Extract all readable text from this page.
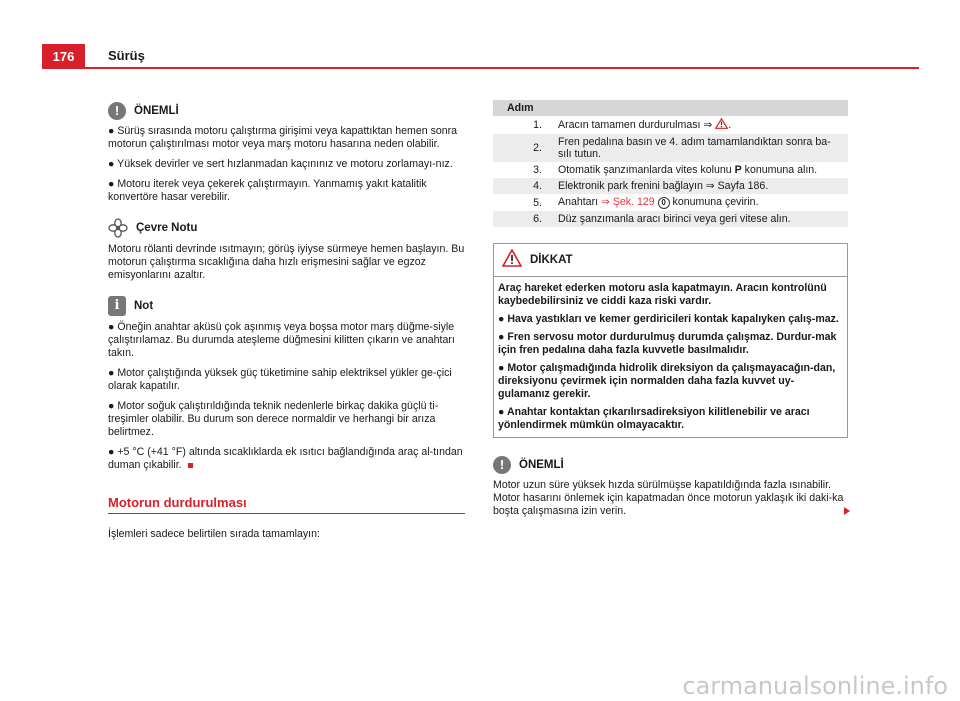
176	Sürüş
!	ÖNEMLİ

● Sürüş sırasında motoru çalıştırma girişimi veya kapattıktan hemen sonra motorun çalıştırılması motor veya marş motoru hasarına neden olabilir.

● Yüksek devirler ve sert hızlanmadan kaçınınız ve motoru zorlamayı-nız.

● Motoru iterek veya çekerek çalıştırmayın. Yanmamış yakıt katalitik konvertöre hasar verebilir.

Çevre Notu

Motoru rölanti devrinde ısıtmayın; görüş iyiyse sürmeye hemen başlayın. Bu motorun çalıştırma sıcaklığına daha hızlı erişmesini sağlar ve egzoz emisyonlarını azaltır.

i	Not

● Öneğin anahtar aküsü çok aşınmış veya boşsa motor marş düğme-siyle çalıştırılamaz. Bu durumda ateşleme düğmesini kilitten çıkarın ve anahtarı takın.

● Motor çalıştığında yüksek güç tüketimine sahip elektriksel yükler ge-çici olarak kapatılır.

● Motor soğuk çalıştırıldığında teknik nedenlerle birkaç dakika güçlü ti-treşimler olabilir. Bu durum son derece normaldir ve herhangi bir arıza belirtmez.

● +5 °C (+41 °F) altında sıcaklıklarda ek ısıtıcı bağlandığında araç al-tından duman çıkabilir.

Motorun durdurulması

İşlemleri sadece belirtilen sırada tamamlayın:

Adım	
1.	Aracın tamamen durdurulması ⇒ .
2.	Fren pedalına basın ve 4. adım tamamlandıktan sonra ba-sılı tutun.
3.	Otomatik şanzımanlarda vites kolunu P konumuna alın.
4.	Elektronik park frenini bağlayın ⇒ Sayfa 186.
5.	Anahtarı ⇒ Şek. 129 0 konumuna çevirin.
6.	Düz şanzımanla aracı birinci veya geri vitese alın.
DİKKAT

Araç hareket ederken motoru asla kapatmayın. Aracın kontrolünü kaybedebilirsiniz ve ciddi kaza riski vardır.

● Hava yastıkları ve kemer gerdiricileri kontak kapalıyken çalış-maz.

● Fren servosu motor durdurulmuş durumda çalışmaz. Durdur-mak için fren pedalına daha fazla kuvvetle basılmalıdır.

● Motor çalışmadığında hidrolik direksiyon da çalışmayacağın-dan, direksiyonu çevirmek için normalden daha fazla kuvvet uy-gulamanız gerekir.

● Anahtar kontaktan çıkarılırsadireksiyon kilitlenebilir ve aracı yönlendirmek mümkün olmayacaktır.

!	ÖNEMLİ

Motor uzun süre yüksek hızda sürülmüşse kapatıldığında fazla ısınabilir. Motor hasarını önlemek için kapatmadan önce motorun yaklaşık iki daki-ka boşta çalışmasına izin verin.

carmanualsonline.info
